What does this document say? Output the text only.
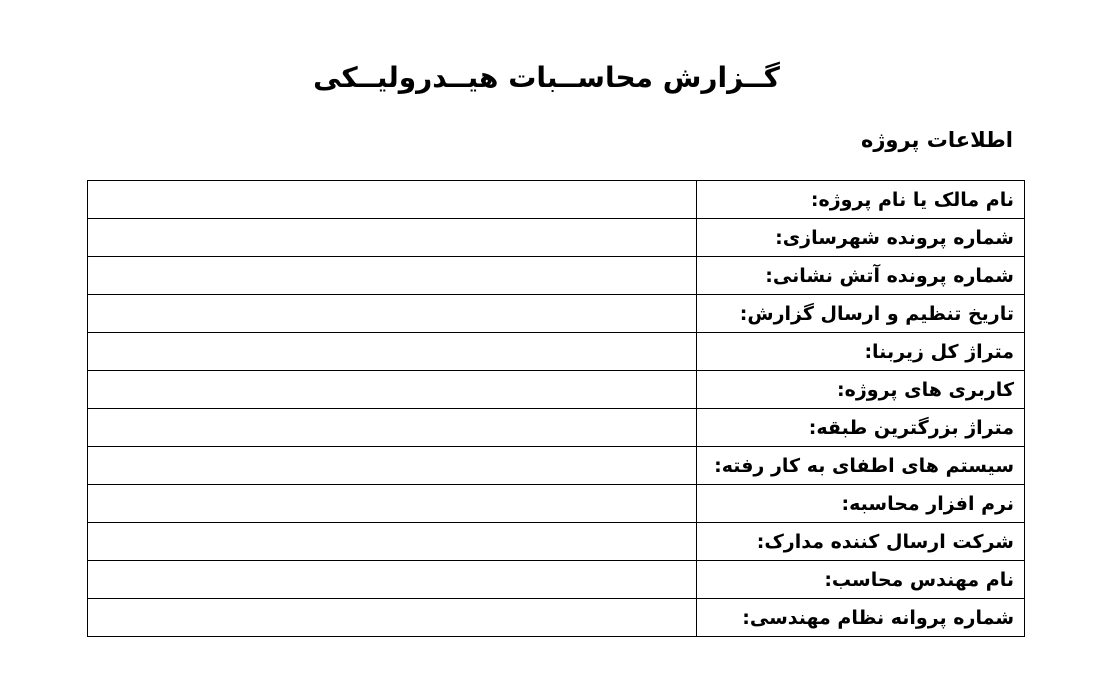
گــزارش محاســبات هیــدرولیــکی
اطلاعات پروژه
نام مالک یا نام پروژه:	
شماره پرونده شهرسازی:	
شماره پرونده آتش نشانی:	
تاریخ تنظیم و ارسال گزارش:	
متراژ کل زیربنا:	
کاربری های پروژه:	
متراژ بزرگترین طبقه:	
سیستم های اطفای به کار رفته:	
نرم افزار محاسبه:	
شرکت ارسال کننده مدارک:	
نام مهندس محاسب:	
شماره پروانه نظام مهندسی:	
